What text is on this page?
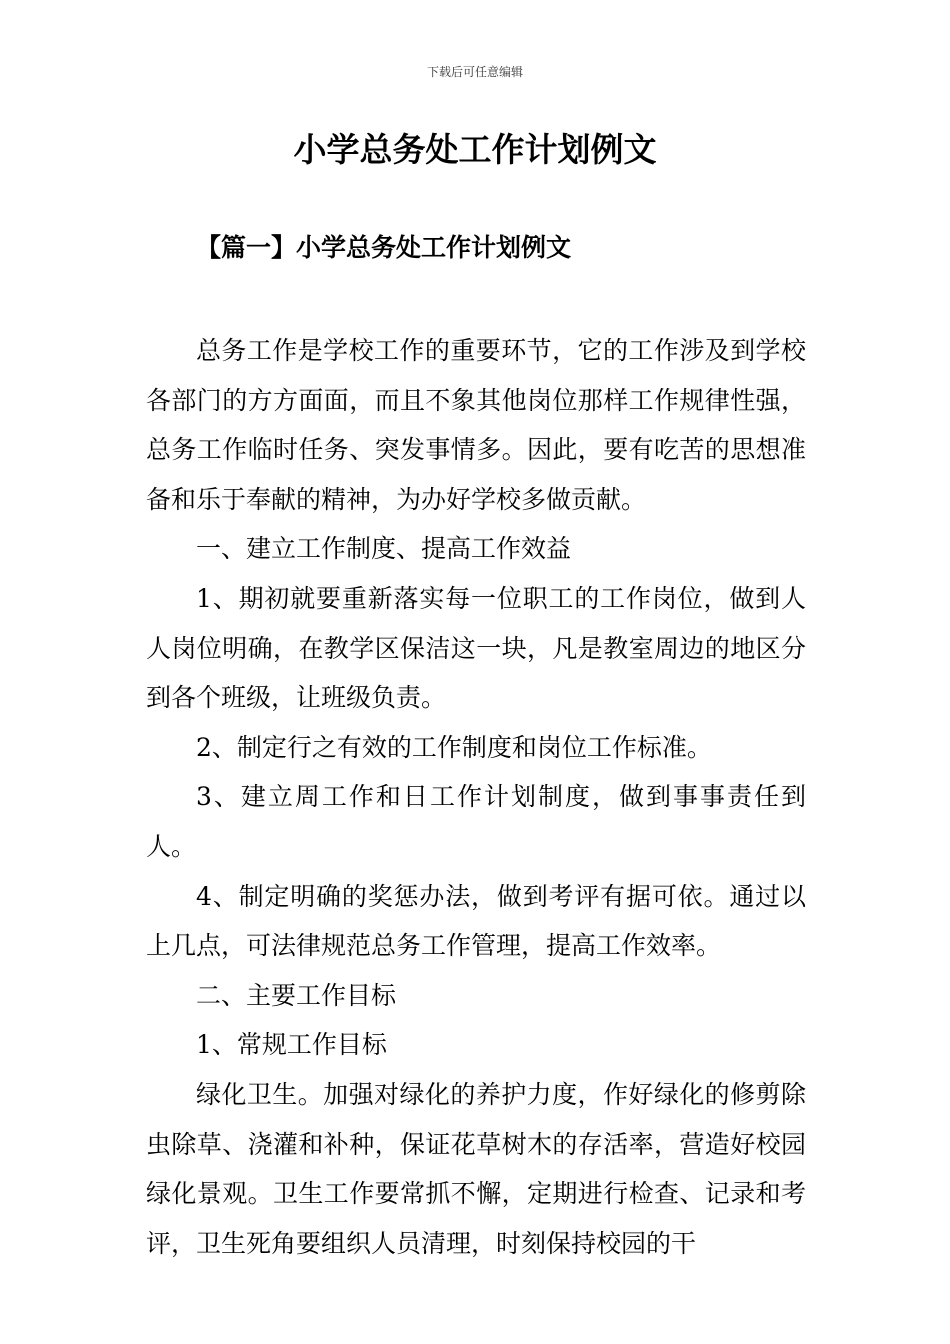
下载后可任意编辑
小学总务处工作计划例文
【篇一】小学总务处工作计划例文

总务工作是学校工作的重要环节，它的工作涉及到学校各部门的方方面面，而且不象其他岗位那样工作规律性强，总务工作临时任务、突发事情多。因此，要有吃苦的思想准备和乐于奉献的精神，为办好学校多做贡献。

一、建立工作制度、提高工作效益

1、期初就要重新落实每一位职工的工作岗位，做到人人岗位明确，在教学区保洁这一块，凡是教室周边的地区分到各个班级，让班级负责。

2、制定行之有效的工作制度和岗位工作标准。

3、建立周工作和日工作计划制度，做到事事责任到人。

4、制定明确的奖惩办法，做到考评有据可依。通过以上几点，可法律规范总务工作管理，提高工作效率。

二、主要工作目标

1、常规工作目标

绿化卫生。加强对绿化的养护力度，作好绿化的修剪除虫除草、浇灌和补种，保证花草树木的存活率，营造好校园绿化景观。卫生工作要常抓不懈，定期进行检查、记录和考评，卫生死角要组织人员清理，时刻保持校园的干
